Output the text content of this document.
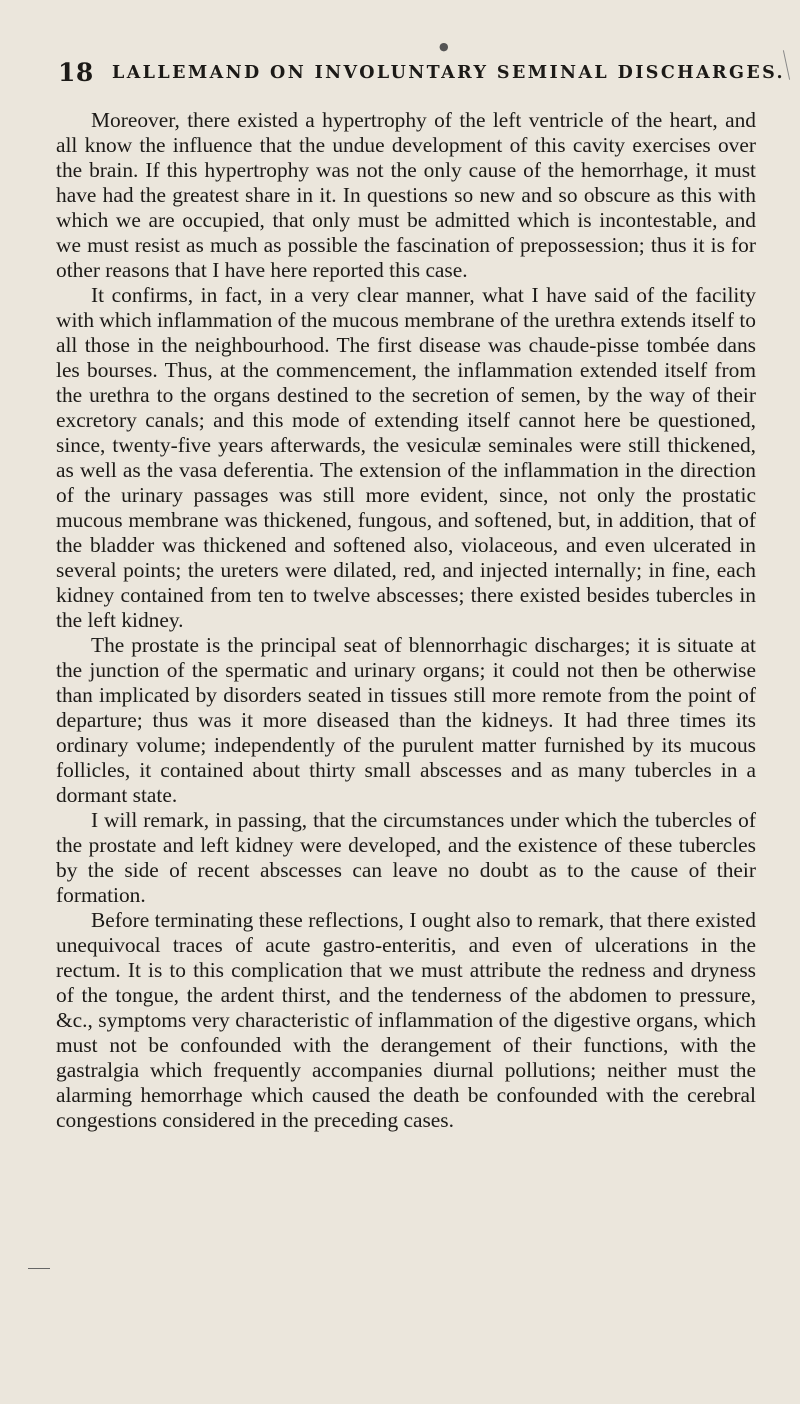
●
18 LALLEMAND ON INVOLUNTARY SEMINAL DISCHARGES.

Moreover, there existed a hypertrophy of the left ventricle of the heart, and all know the influence that the undue development of this cavity exercises over the brain. If this hypertrophy was not the only cause of the hemorrhage, it must have had the greatest share in it. In questions so new and so obscure as this with which we are occupied, that only must be admitted which is incontestable, and we must resist as much as possible the fascination of prepossession; thus it is for other reasons that I have here reported this case.

It confirms, in fact, in a very clear manner, what I have said of the facility with which inflammation of the mucous membrane of the urethra extends itself to all those in the neighbourhood. The first disease was chaude-pisse tombée dans les bourses. Thus, at the commencement, the inflammation extended itself from the urethra to the organs destined to the secretion of semen, by the way of their excretory canals; and this mode of extending itself cannot here be questioned, since, twenty-five years afterwards, the vesiculæ seminales were still thickened, as well as the vasa deferentia. The extension of the inflammation in the direction of the urinary passages was still more evident, since, not only the prostatic mucous membrane was thickened, fungous, and softened, but, in addition, that of the bladder was thickened and softened also, violaceous, and even ulcerated in several points; the ureters were dilated, red, and injected internally; in fine, each kidney contained from ten to twelve abscesses; there existed besides tubercles in the left kidney.

The prostate is the principal seat of blennorrhagic discharges; it is situate at the junction of the spermatic and urinary organs; it could not then be otherwise than implicated by disorders seated in tissues still more remote from the point of departure; thus was it more diseased than the kidneys. It had three times its ordinary volume; independently of the purulent matter furnished by its mucous follicles, it contained about thirty small abscesses and as many tubercles in a dormant state.

I will remark, in passing, that the circumstances under which the tubercles of the prostate and left kidney were developed, and the existence of these tubercles by the side of recent abscesses can leave no doubt as to the cause of their formation.

Before terminating these reflections, I ought also to remark, that there existed unequivocal traces of acute gastro-enteritis, and even of ulcerations in the rectum. It is to this complication that we must attribute the redness and dryness of the tongue, the ardent thirst, and the tenderness of the abdomen to pressure, &c., symptoms very characteristic of inflammation of the digestive organs, which must not be confounded with the derangement of their functions, with the gastralgia which frequently accompanies diurnal pollutions; neither must the alarming hemorrhage which caused the death be confounded with the cerebral congestions considered in the preceding cases.
